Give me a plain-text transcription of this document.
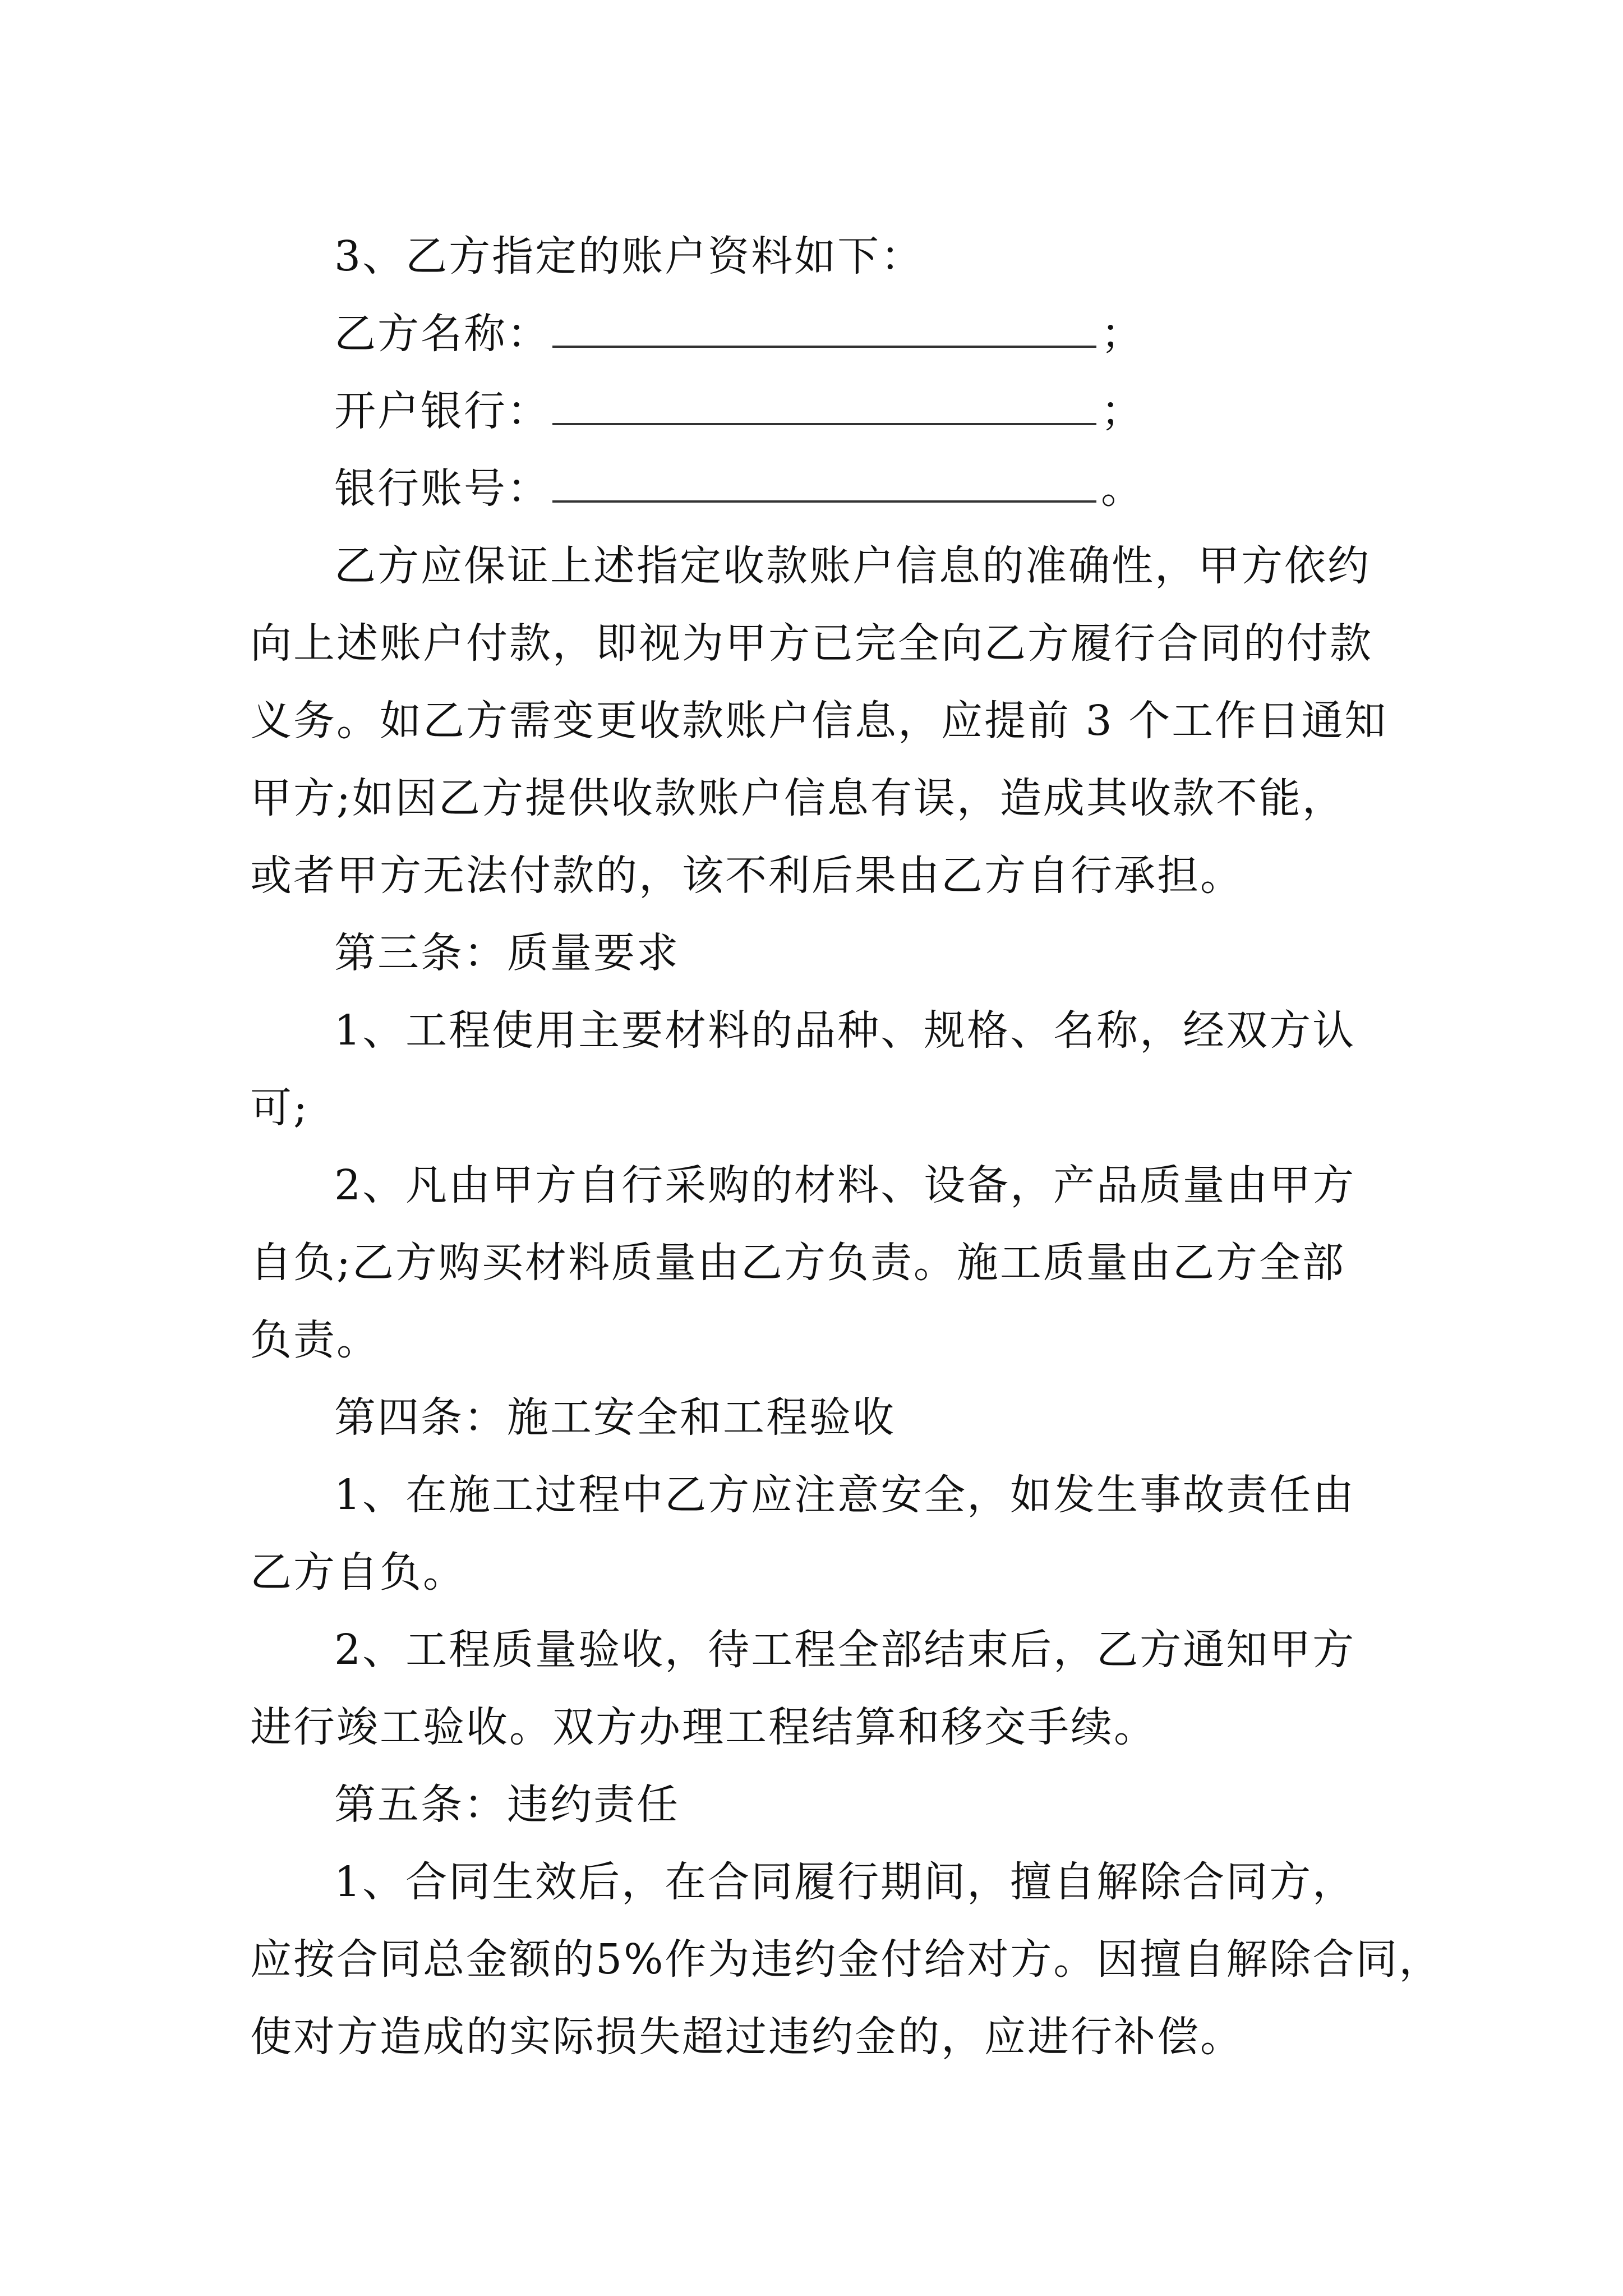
3、乙方指定的账户资料如下：
乙方名称：	；
开户银行：	；
银行账号：	。
乙方应保证上述指定收款账户信息的准确性，甲方依约
向上述账户付款，即视为甲方已完全向乙方履行合同的付款
义务。如乙方需变更收款账户信息，应提前 3 个工作日通知
甲方;如因乙方提供收款账户信息有误，造成其收款不能，
或者甲方无法付款的，该不利后果由乙方自行承担。
第三条：质量要求
1、工程使用主要材料的品种、规格、名称，经双方认
可;
2、凡由甲方自行采购的材料、设备，产品质量由甲方
自负;乙方购买材料质量由乙方负责。施工质量由乙方全部
负责。
第四条：施工安全和工程验收
1、在施工过程中乙方应注意安全，如发生事故责任由
乙方自负。
2、工程质量验收，待工程全部结束后，乙方通知甲方
进行竣工验收。双方办理工程结算和移交手续。
第五条：违约责任
1、合同生效后，在合同履行期间，擅自解除合同方，
应按合同总金额的5%作为违约金付给对方。因擅自解除合同，
使对方造成的实际损失超过违约金的，应进行补偿。
